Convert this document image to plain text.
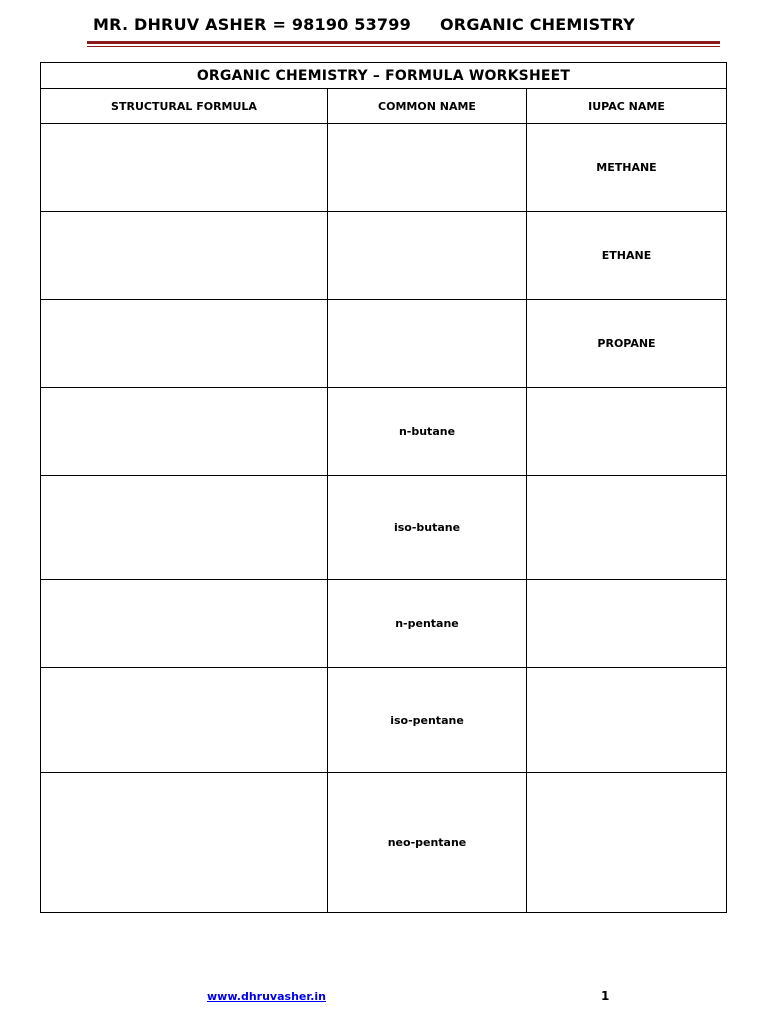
MR. DHRUV ASHER = 98190 53799 ORGANIC CHEMISTRY
ORGANIC CHEMISTRY – FORMULA WORKSHEET		
STRUCTURAL FORMULA	COMMON NAME	IUPAC NAME
		METHANE
		ETHANE
		PROPANE
	n-butane	
	iso-butane	
	n-pentane	
	iso-pentane	
	neo-pentane	
www.dhruvasher.in	1
